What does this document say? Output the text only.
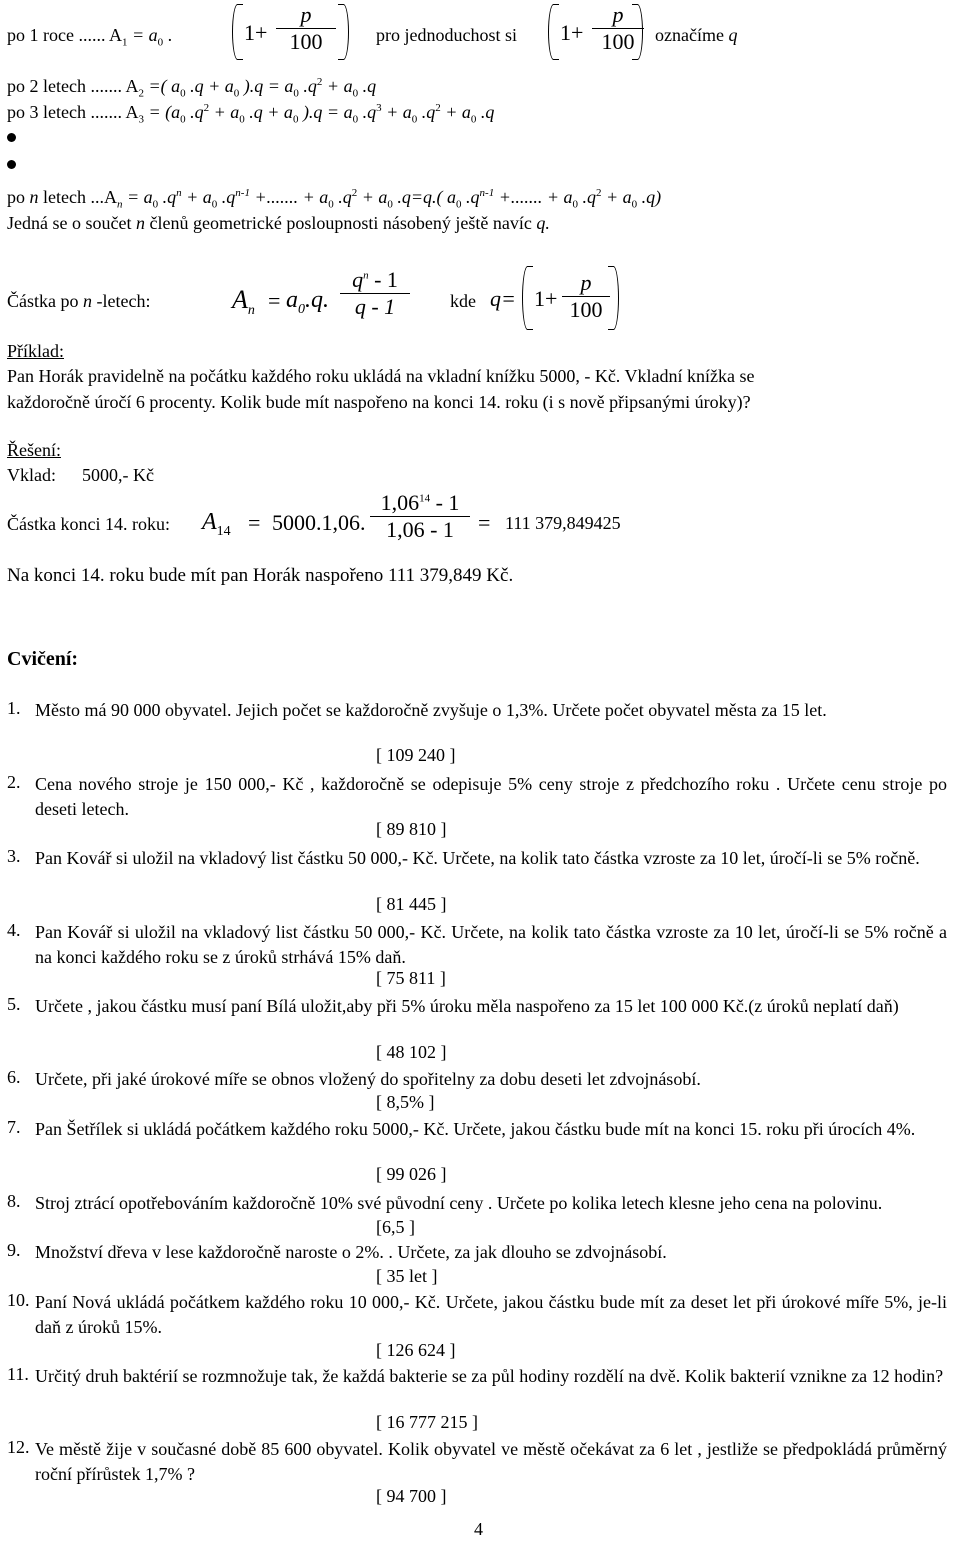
po 1 roce ...... $A_1 = a_0$ .	$1+ \frac{p}{100}$ pro jednoduchost si $1+ \frac{p}{100}$ označíme q
po 2 letech ....... $A_2$ =( $a_0$ $.q + a_0$ )$.q = a_0$ $.q^2 + a_0$ .q
po 3 letech ....... $A_3 = (a_0$ $.q^2 + a_0$ $.q + a_0$ )$.q = a_0$ $.q^3 + a_0$ $.q^2 + a_0$ .q
po n letech $...A_n = a_0$ $.q^n + a_0$ $.q^{n-1}$ +....... + $a_0$ $.q^2 + a_0$ .q=q.( $a_0$ $.q^{n-1}$ +....... + $a_0$ $.q^2 + a_0$ .q)
Jedná se o součet n členů geometrické posloupnosti násobený ještě navíc q.
Částka po n -letech:	$A_n = a_0.q$. $\frac{q^n - 1}{q - 1}$ kde $q= 1+ \frac{p}{100}$
Příklad:
Pan Horák pravidelně na počátku každého roku ukládá na vkladní knížku 5000, - Kč. Vkladní knížka se
každoročně úročí 6 procenty. Kolik bude mít naspořeno na konci 14. roku (i s nově připsanými úroky)?
Řešení:
Vklad: 5000,- Kč
Částka konci 14. roku: $A_{14} = 5000.1,06$. $\frac{1,06^{14} - 1}{1,06 - 1} = 111$ 379,849425
Na konci 14. roku bude mít pan Horák naspořeno 111 379,849 Kč.
Cvičení:
1. Město má 90 000 obyvatel. Jejich počet se každoročně zvyšuje o 1,3%. Určete počet obyvatel města za 15 let.
[ 109 240 ]
2. Cena nového stroje je 150 000,- Kč , každoročně se odepisuje 5% ceny stroje z předchozího roku . Určete cenu stroje po deseti letech.
[ 89 810 ]
3. Pan Kovář si uložil na vkladový list částku 50 000,- Kč. Určete, na kolik tato částka vzroste za 10 let, úročí-li se 5% ročně.
[ 81 445 ]
4. Pan Kovář si uložil na vkladový list částku 50 000,- Kč. Určete, na kolik tato částka vzroste za 10 let, úročí-li se 5% ročně a na konci každého roku se z úroků strhává 15% daň.
[ 75 811 ]
5. Určete , jakou částku musí paní Bílá uložit,aby při 5% úroku měla naspořeno za 15 let 100 000 Kč.(z úroků neplatí daň)
[ 48 102 ]
6. Určete, při jaké úrokové míře se obnos vložený do spořitelny za dobu deseti let zdvojnásobí.
[ 8,5% ]
7. Pan Šetřílek si ukládá počátkem každého roku 5000,- Kč. Určete, jakou částku bude mít na konci 15. roku při úrocích 4%.
[ 99 026 ]
8. Stroj ztrácí opotřebováním každoročně 10% své původní ceny . Určete po kolika letech klesne jeho cena na polovinu.
[6,5 ]
9. Množství dřeva v lese každoročně naroste o 2%. . Určete, za jak dlouho se zdvojnásobí.
[ 35 let ]
10. Paní Nová ukládá počátkem každého roku 10 000,- Kč. Určete, jakou částku bude mít za deset let při úrokové míře 5%, je-li daň z úroků 15%.
[ 126 624 ]
11. Určitý druh baktérií se rozmnožuje tak, že každá bakterie se za půl hodiny rozdělí na dvě. Kolik bakterií vznikne za 12 hodin?
[ 16 777 215 ]
12. Ve městě žije v současné době 85 600 obyvatel. Kolik obyvatel ve městě očekávat za 6 let , jestliže se předpokládá průměrný roční přírůstek 1,7% ?
[ 94 700 ]
4
